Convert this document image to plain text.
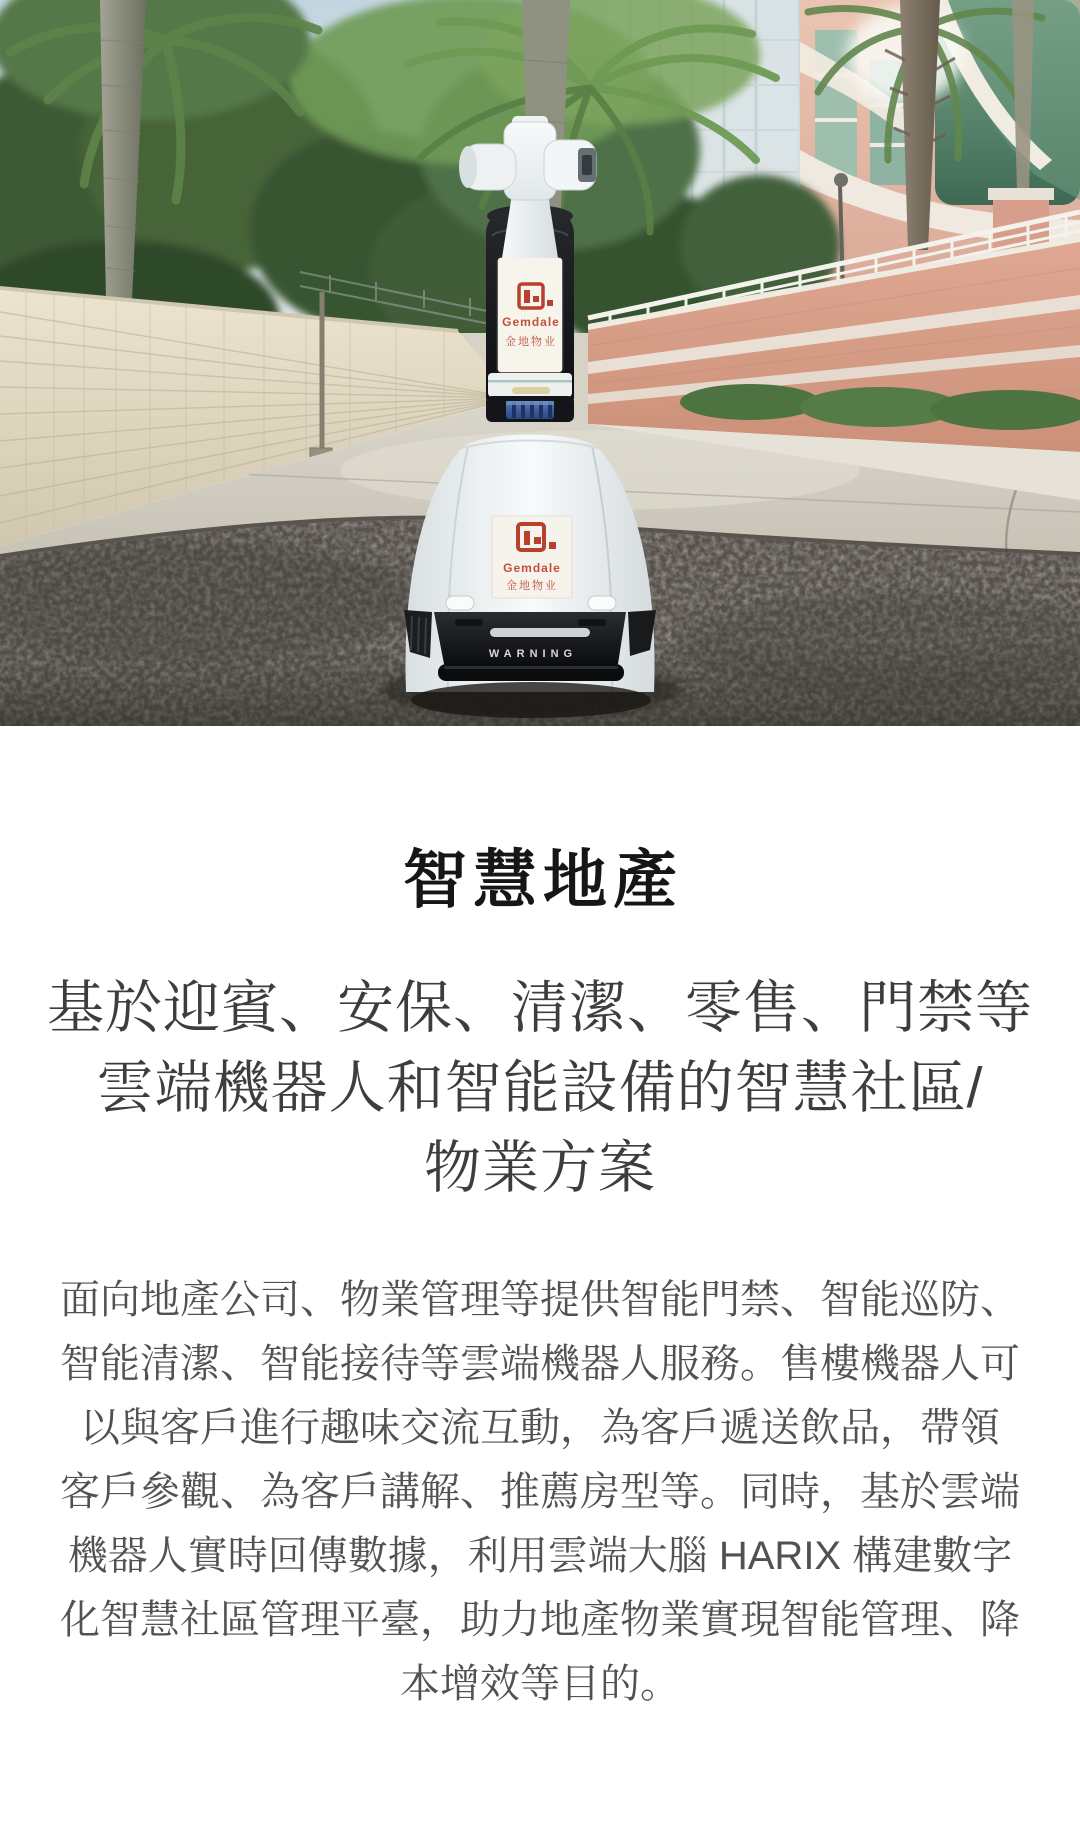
Gemdale
金地物业
Gemdale
金地物业
WARNING
智慧地產
基於迎賓、安保、清潔、零售、門禁等
雲端機器人和智能設備的智慧社區/
物業方案
面向地產公司、物業管理等提供智能門禁、智能巡防、
智能清潔、智能接待等雲端機器人服務。售樓機器人可
以與客戶進行趣味交流互動，為客戶遞送飲品，帶領
客戶參觀、為客戶講解、推薦房型等。同時，基於雲端
機器人實時回傳數據，利用雲端大腦 HARIX 構建數字
化智慧社區管理平臺，助力地產物業實現智能管理、降
本增效等目的。
